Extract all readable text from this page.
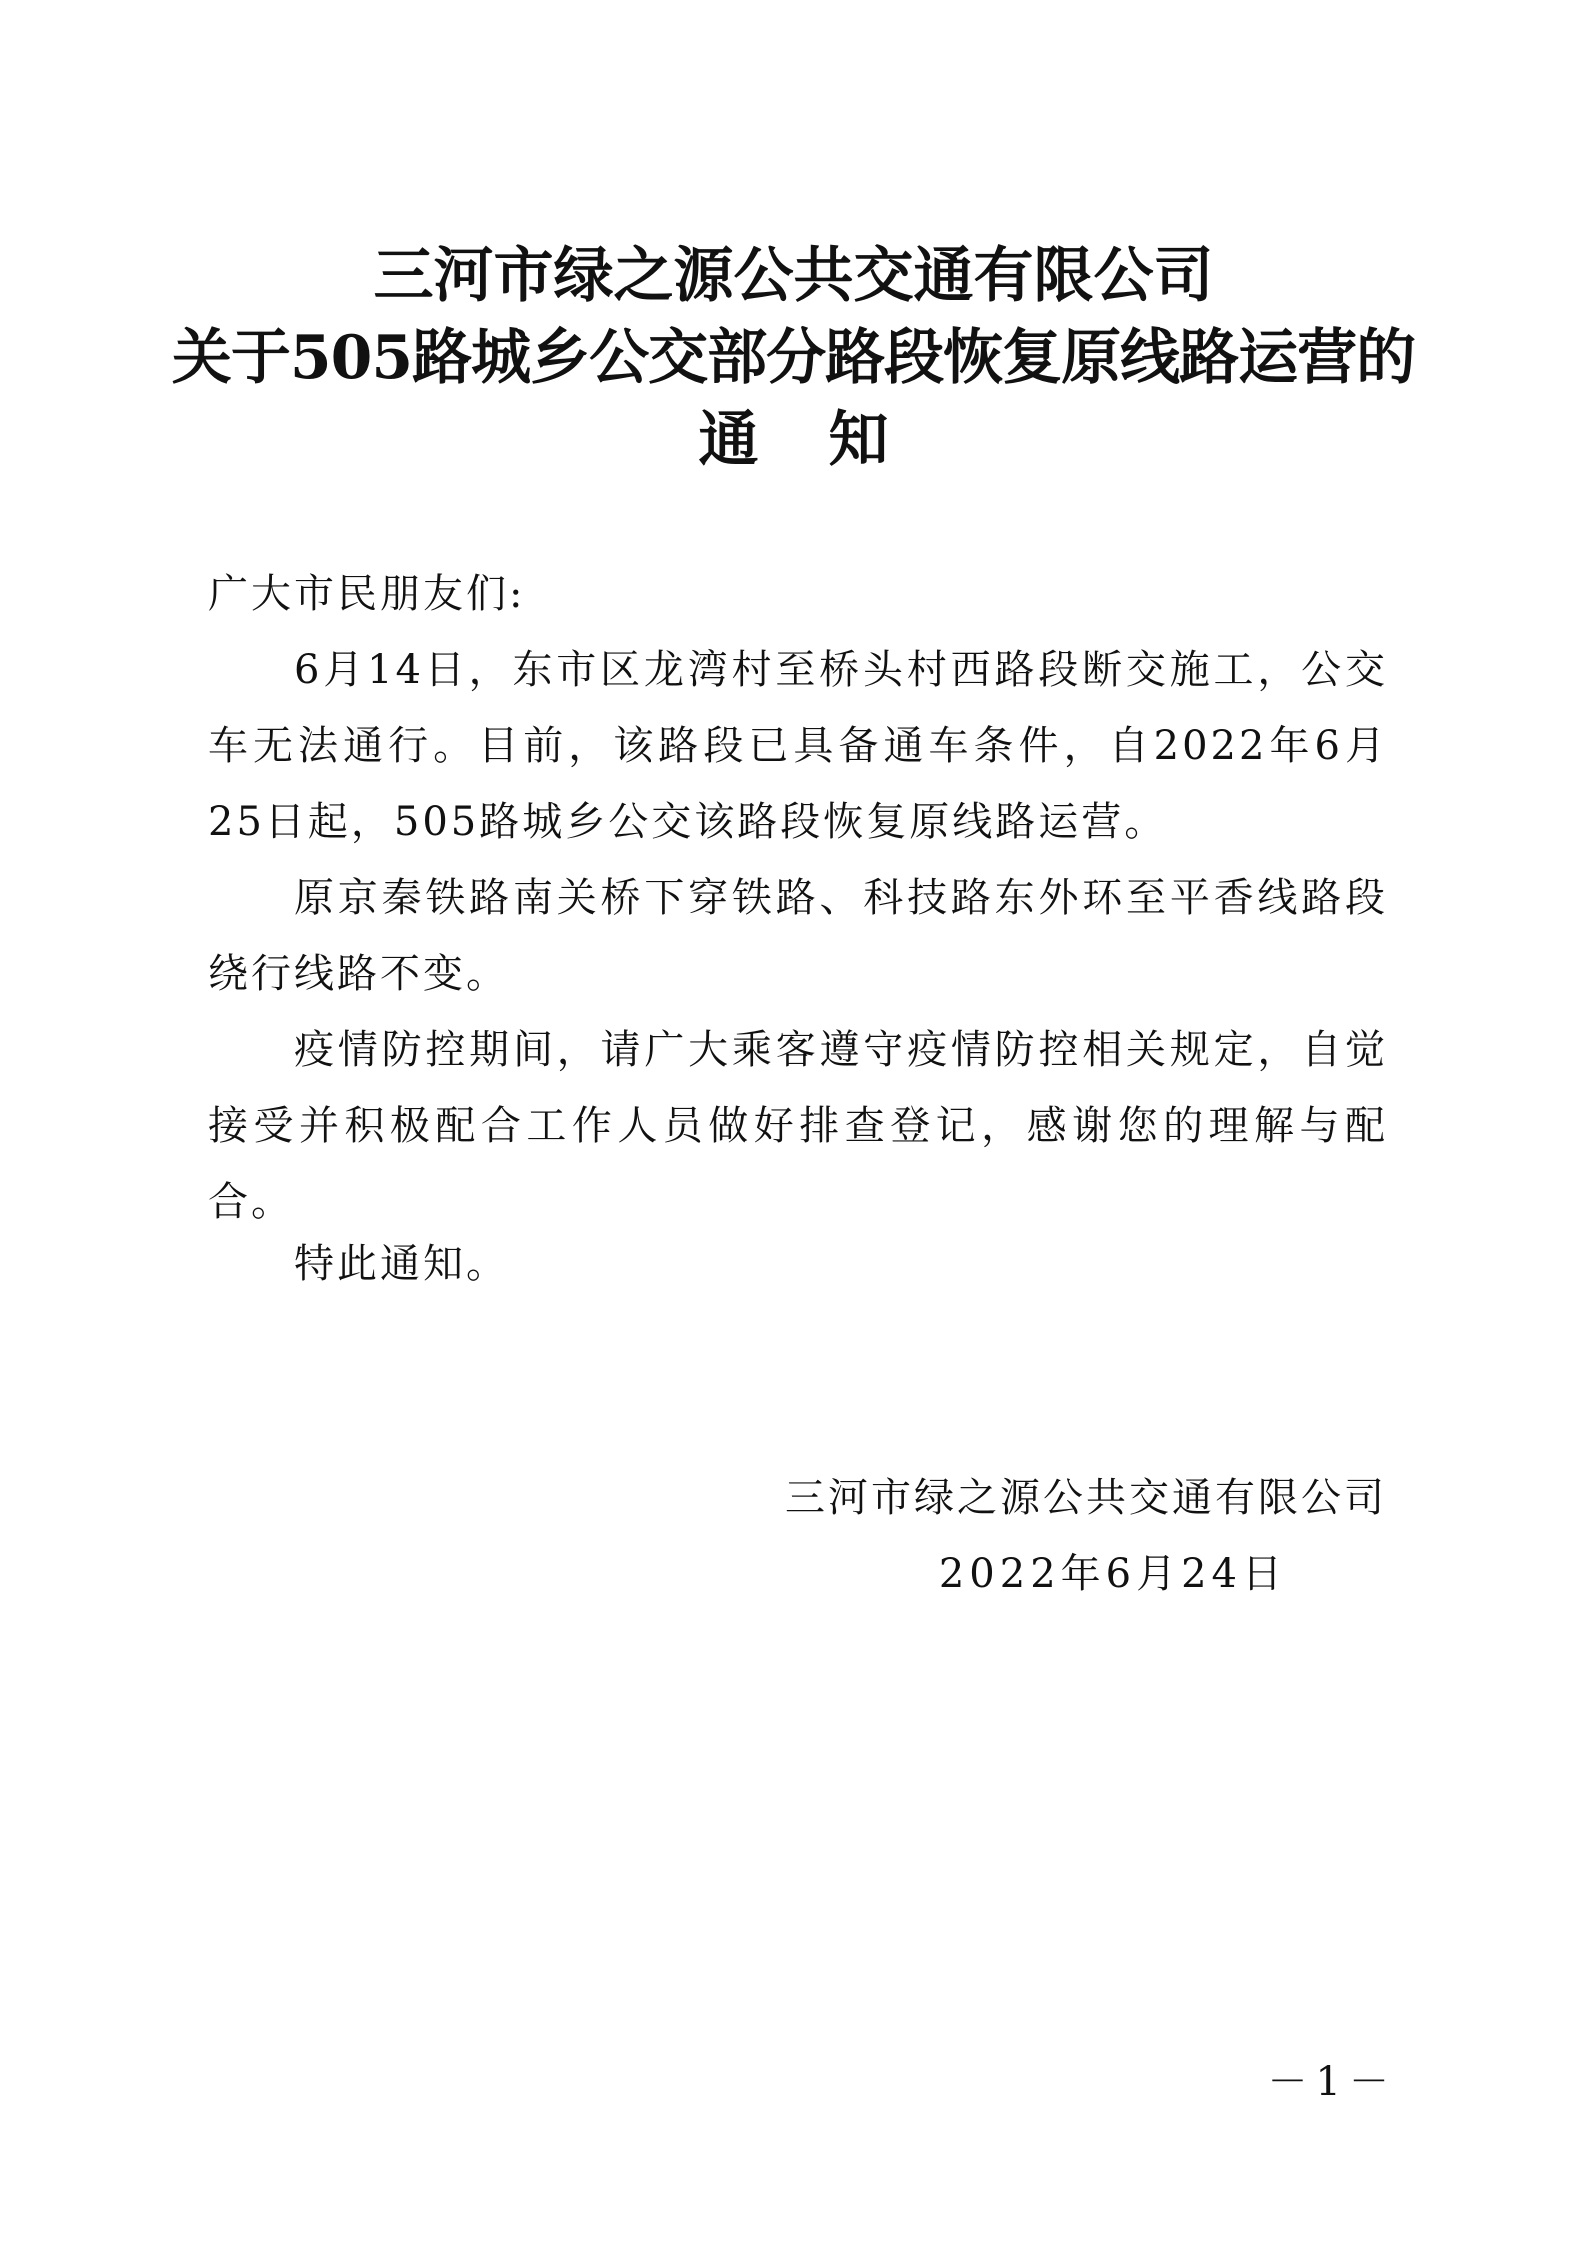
三河市绿之源公共交通有限公司
关于505路城乡公交部分路段恢复原线路运营的
通知
广大市民朋友们:

6月14日，东市区龙湾村至桥头村西路段断交施工，公交车无法通行。目前，该路段已具备通车条件，自2022年6月25日起，505路城乡公交该路段恢复原线路运营。

原京秦铁路南关桥下穿铁路、科技路东外环至平香线路段绕行线路不变。

疫情防控期间，请广大乘客遵守疫情防控相关规定，自觉接受并积极配合工作人员做好排查登记，感谢您的理解与配合。

特此通知。
三河市绿之源公共交通有限公司
2022年6月24日
－1－
